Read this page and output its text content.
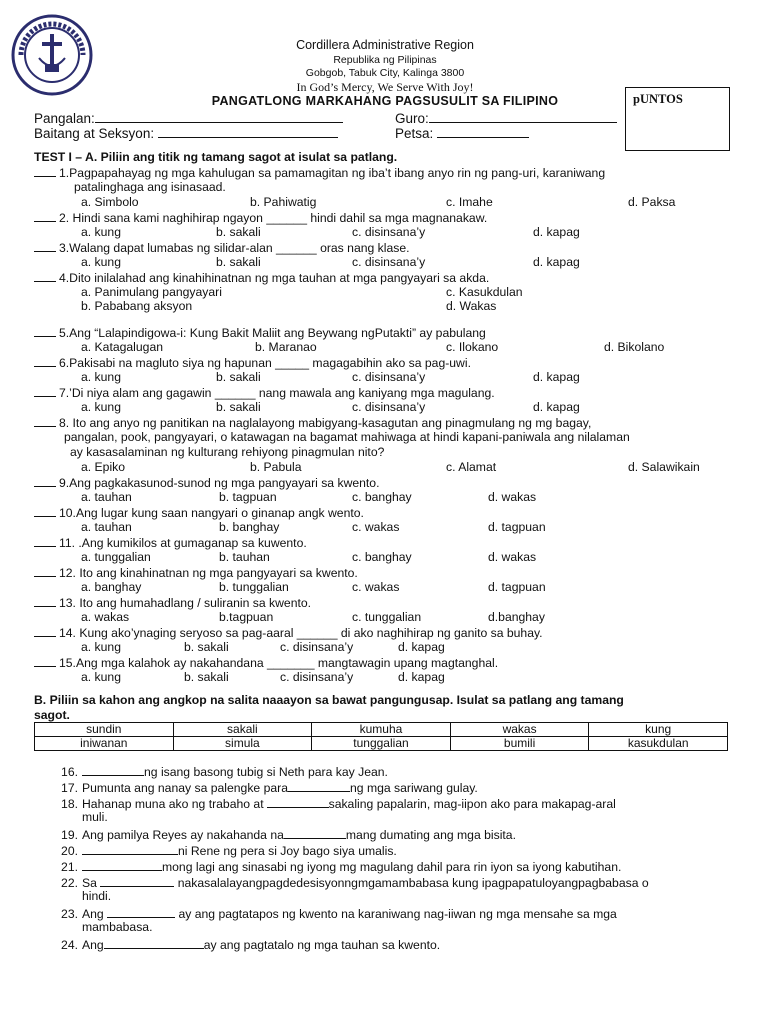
Cordillera Administrative Region
Republika ng Pilipinas
Gobgob, Tabuk City, Kalinga 3800
In God’s Mercy, We Serve With Joy!
PANGATLONG MARKAHANG PAGSUSULIT SA FILIPINO	pUNTOS
Pangalan:	Guro:
Baitang at Seksyon:	Petsa:
TEST I – A. Piliin ang titik ng tamang sagot at isulat sa patlang.
1.Pagpapahayag ng mga kahulugan sa pamamagitan ng iba’t ibang anyo rin ng pang-uri, karaniwang
patalinghaga ang isinasaad.
a. Simbolo	b. Pahiwatig	c. Imahe	d. Paksa
2. Hindi sana kami naghihirap ngayon ______ hindi dahil sa mga magnanakaw.
a. kung	b. sakali	c. disinsana’y	d. kapag
3.Walang dapat lumabas ng silidar-alan ______ oras nang klase.
a. kung	b. sakali	c. disinsana’y	d. kapag
4.Dito inilalahad ang kinahihinatnan ng mga tauhan at mga pangyayari sa akda.
a. Panimulang pangyayari	c. Kasukdulan
b. Pababang aksyon	d. Wakas
5.Ang “Lalapindigowa-i: Kung Bakit Maliit ang Beywang ngPutakti” ay pabulang
a. Katagalugan	b. Maranao	c. Ilokano	d. Bikolano
6.Pakisabi na magluto siya ng hapunan _____ magagabihin ako sa pag-uwi.
a. kung	b. sakali	c. disinsana’y	d. kapag
7.’Di niya alam ang gagawin ______ nang mawala ang kaniyang mga magulang.
a. kung	b. sakali	c. disinsana’y	d. kapag
8. Ito ang anyo ng panitikan na naglalayong mabigyang-kasagutan ang pinagmulang ng mg bagay,
pangalan, pook, pangyayari, o katawagan na bagamat mahiwaga at hindi kapani-paniwala ang nilalaman
ay kasasalaminan ng kulturang rehiyong pinagmulan nito?
a. Epiko	b. Pabula	c. Alamat	d. Salawikain
9.Ang pagkakasunod-sunod ng mga pangyayari sa kwento.
a. tauhan	b. tagpuan	c. banghay	d. wakas
10.Ang lugar kung saan nangyari o ginanap angk wento.
a. tauhan	b. banghay	c. wakas	d. tagpuan
11. .Ang kumikilos at gumaganap sa kuwento.
a. tunggalian	b. tauhan	c. banghay	d. wakas
12. Ito ang kinahinatnan ng mga pangyayari sa kwento.
a. banghay	b. tunggalian	c. wakas	d. tagpuan
13. Ito ang humahadlang / suliranin sa kwento.
a. wakas	b.tagpuan	c. tunggalian	d.banghay
14. Kung ako’ynaging seryoso sa pag-aaral ______ di ako naghihirap ng ganito sa buhay.
a. kung	b. sakali	c. disinsana’y	d. kapag
15.Ang mga kalahok ay nakahandana _______ mangtawagin upang magtanghal.
a. kung	b. sakali	c. disinsana’y	d. kapag
B. Piliin sa kahon ang angkop na salita naaayon sa bawat pangungusap. Isulat sa patlang ang tamang
sagot.
sundin	sakali	kumuha	wakas	kung
iniwanan	simula	tunggalian	bumili	kasukdulan
16.	ng isang basong tubig si Neth para kay Jean.
17. Pumunta ang nanay sa palengke para	ng mga sariwang gulay.
18. Hahanap muna ako ng trabaho at	sakaling papalarin, mag-iipon ako para makapag-aral
muli.
19. Ang pamilya Reyes ay nakahanda na	mang dumating ang mga bisita.
20.	ni Rene ng pera si Joy bago siya umalis.
21.	mong lagi ang sinasabi ng iyong mg magulang dahil para rin iyon sa iyong kabutihan.
22. Sa	nakasalalayangpagdedesisyonngmgamambabasa kung ipagpapatuloyangpagbabasa o
hindi.
23. Ang	ay ang pagtatapos ng kwento na karaniwang nag-iiwan ng mga mensahe sa mga
mambabasa.
24. Ang	ay ang pagtatalo ng mga tauhan sa kwento.
